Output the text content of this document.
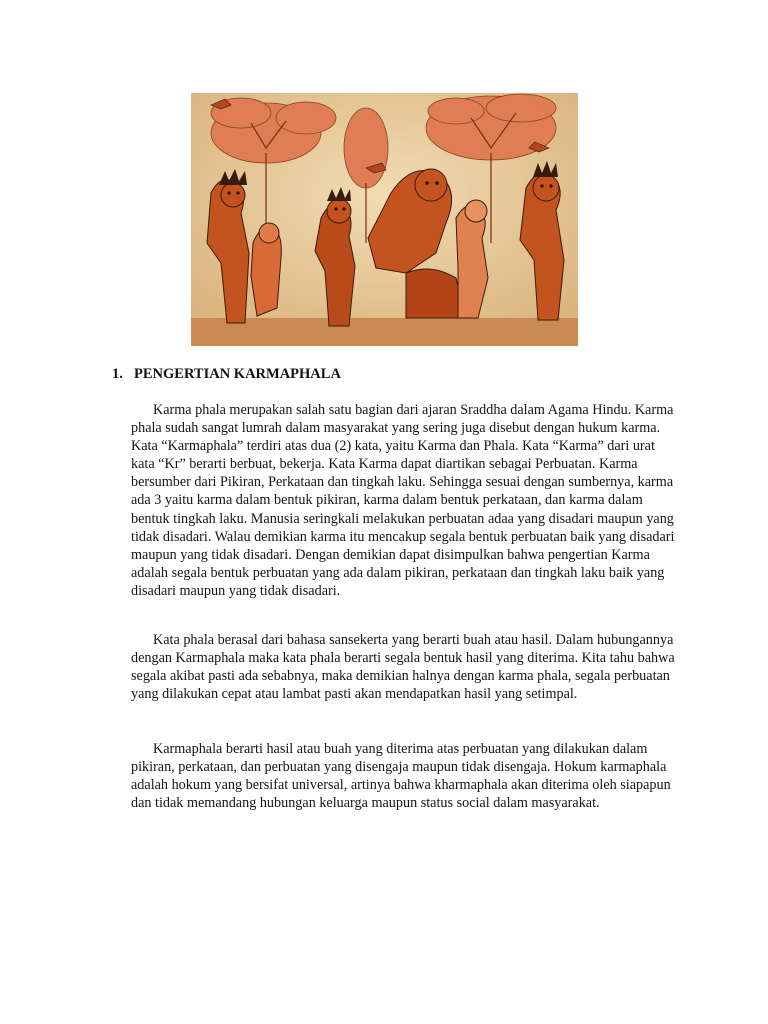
1. PENGERTIAN KARMAPHALA

Karma phala merupakan salah satu bagian dari ajaran Sraddha dalam Agama Hindu. Karma phala sudah sangat lumrah dalam masyarakat yang sering juga disebut dengan hukum karma. Kata “Karmaphala” terdiri atas dua (2) kata, yaitu Karma dan Phala. Kata “Karma” dari urat kata “Kr” berarti berbuat, bekerja. Kata Karma dapat diartikan sebagai Perbuatan. Karma bersumber dari Pikiran, Perkataan dan tingkah laku. Sehingga sesuai dengan sumbernya, karma ada 3 yaitu karma dalam bentuk pikiran, karma dalam bentuk perkataan, dan karma dalam bentuk tingkah laku. Manusia seringkali melakukan perbuatan adaa yang disadari maupun yang tidak disadari. Walau demikian karma itu mencakup segala bentuk perbuatan baik yang disadari maupun yang tidak disadari. Dengan demikian dapat disimpulkan bahwa pengertian Karma adalah segala bentuk perbuatan yang ada dalam pikiran, perkataan dan tingkah laku baik yang disadari maupun yang tidak disadari.

Kata phala berasal dari bahasa sansekerta yang berarti buah atau hasil. Dalam hubungannya dengan Karmaphala maka kata phala berarti segala bentuk hasil yang diterima. Kita tahu bahwa segala akibat pasti ada sebabnya, maka demikian halnya dengan karma phala, segala perbuatan yang dilakukan cepat atau lambat pasti akan mendapatkan hasil yang setimpal.

Karmaphala berarti hasil atau buah yang diterima atas perbuatan yang dilakukan dalam pikiran, perkataan, dan perbuatan yang disengaja maupun tidak disengaja. Hokum karmaphala adalah hokum yang bersifat universal, artinya bahwa kharmaphala akan diterima oleh siapapun dan tidak memandang hubungan keluarga maupun status social dalam masyarakat.
